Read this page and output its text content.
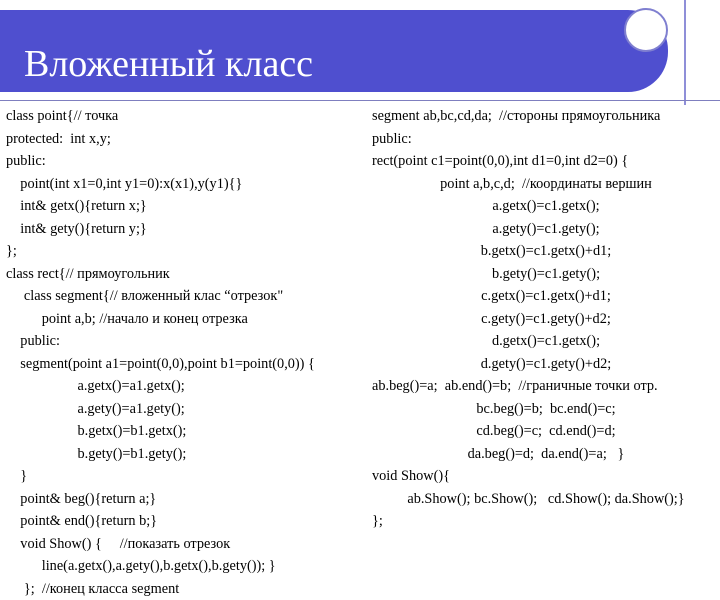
Вложенный класс
class point{// точка
protected:  int x,y;
public:
point(int x1=0,int y1=0):x(x1),y(y1){}
int& getx(){return x;}
int& gety(){return y;}
};
class rect{// прямоугольник
class segment{// вложенный клас “отрезок"
point a,b; //начало и конец отрезка
public:
segment(point a1=point(0,0),point b1=point(0,0)) {
a.getx()=a1.getx();
a.gety()=a1.gety();
b.getx()=b1.getx();
b.gety()=b1.gety();
}
point& beg(){return a;}
point& end(){return b;}
void Show() {     //показать отрезок
line(a.getx(),a.gety(),b.getx(),b.gety()); }
};  //конец класса segment
segment ab,bc,cd,da;  //стороны прямоугольника
public:
rect(point c1=point(0,0),int d1=0,int d2=0) {
point a,b,c,d;  //координаты вершин
a.getx()=c1.getx();
a.gety()=c1.gety();
b.getx()=c1.getx()+d1;
b.gety()=c1.gety();
c.getx()=c1.getx()+d1;
c.gety()=c1.gety()+d2;
d.getx()=c1.getx();
d.gety()=c1.gety()+d2;
ab.beg()=a;  ab.end()=b;  //граничные точки отр.
bc.beg()=b;  bc.end()=c;
cd.beg()=c;  cd.end()=d;
da.beg()=d;  da.end()=a;   }
void Show(){
ab.Show(); bc.Show();   cd.Show(); da.Show();}
};
